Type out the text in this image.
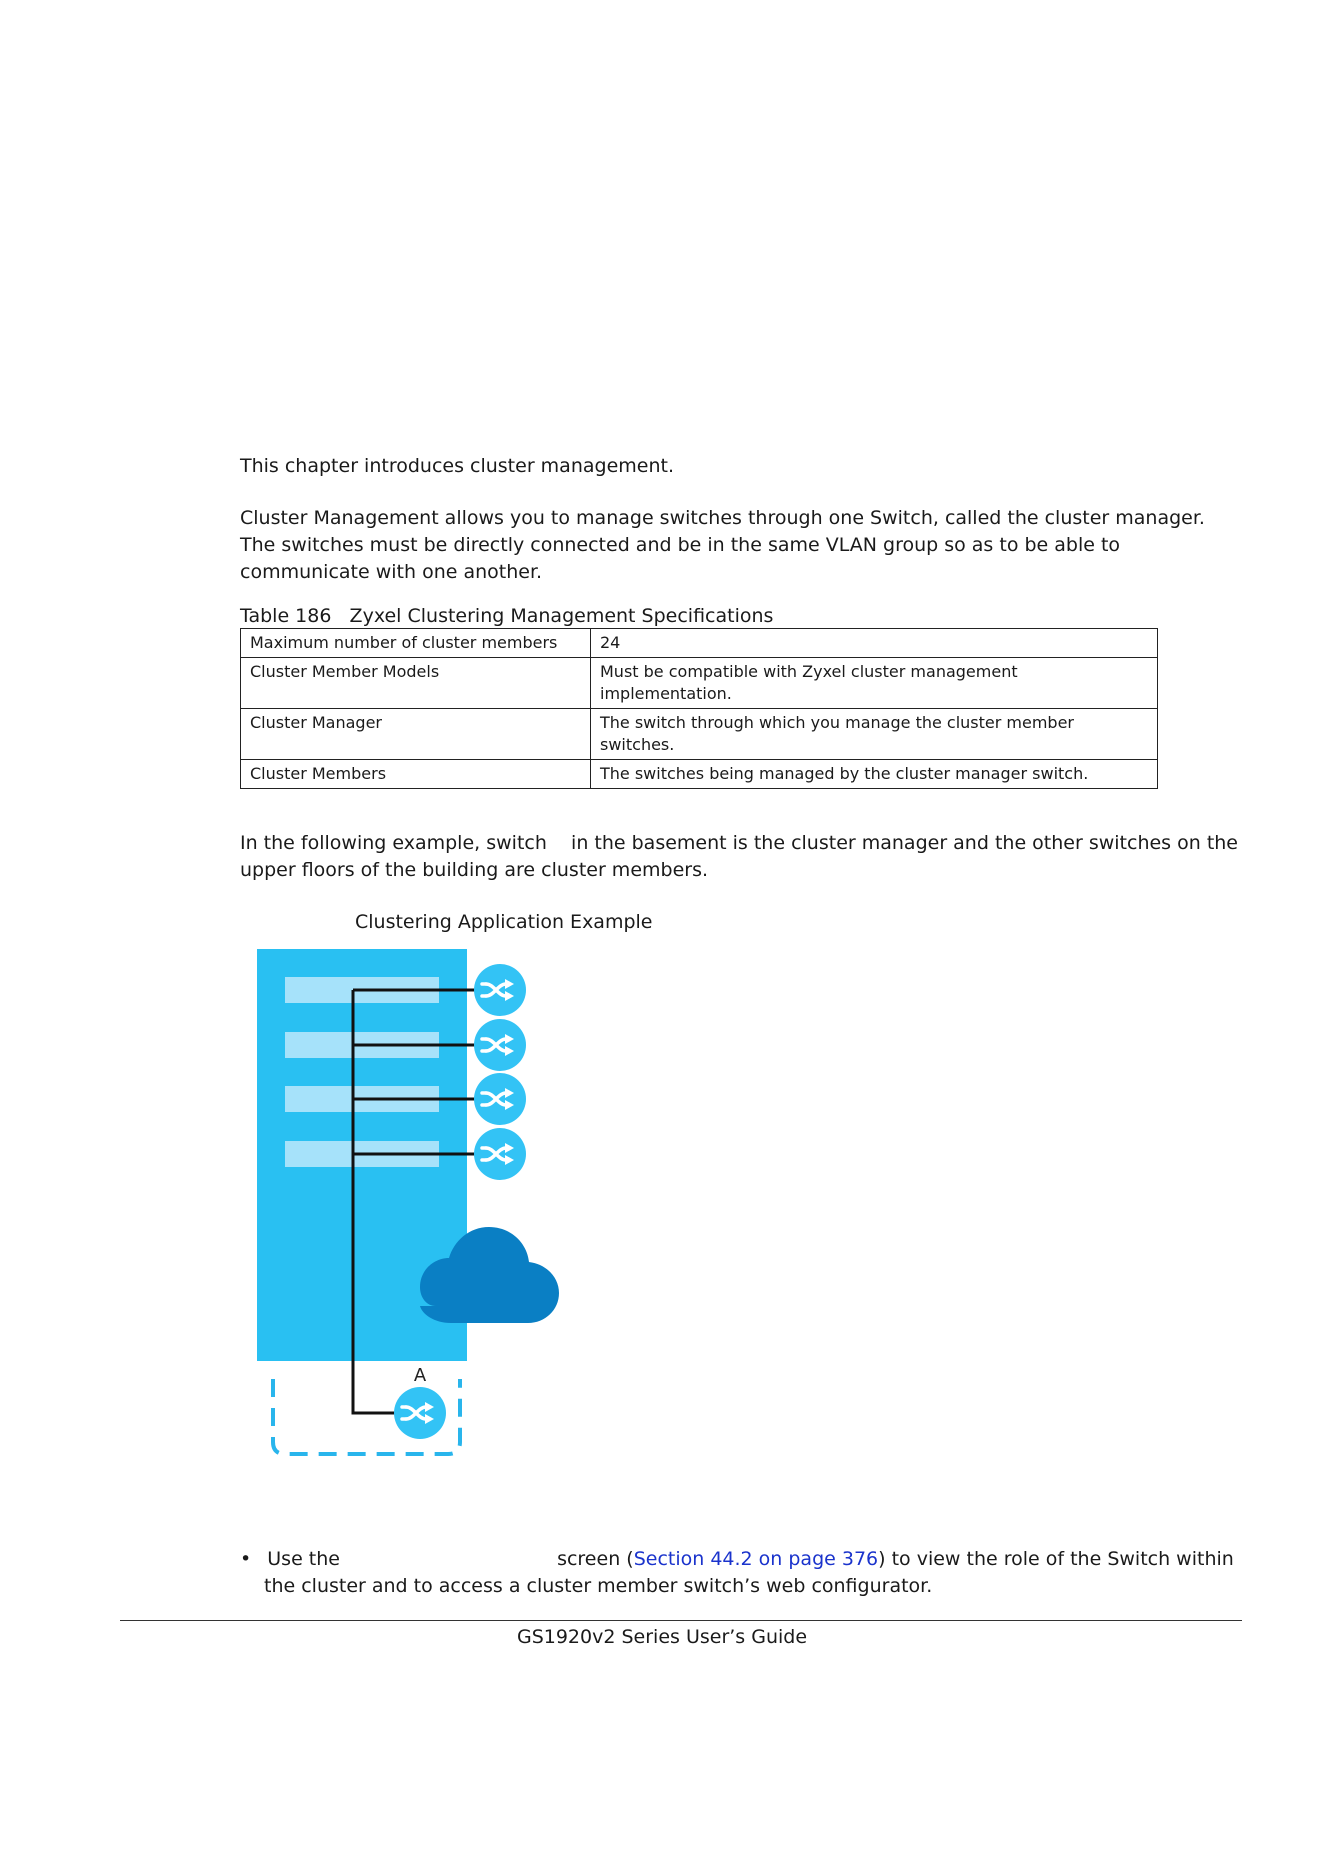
This chapter introduces cluster management.

Cluster Management allows you to manage switches through one Switch, called the cluster manager.

The switches must be directly connected and be in the same VLAN group so as to be able to

communicate with one another.

Table 186   Zyxel Clustering Management Specifications
Maximum number of cluster members	24

Cluster Member Models	Must be compatible with Zyxel cluster management
implementation.

Cluster Manager	The switch through which you manage the cluster member
switches.

Cluster Members	The switches being managed by the cluster manager switch.

In the following example, switch    in the basement is the cluster manager and the other switches on the

upper floors of the building are cluster members.

Clustering Application Example
A
• Use the	screen (Section 44.2 on page 376) to view the role of the Switch within
the cluster and to access a cluster member switch’s web configurator.
GS1920v2 Series User’s Guide
